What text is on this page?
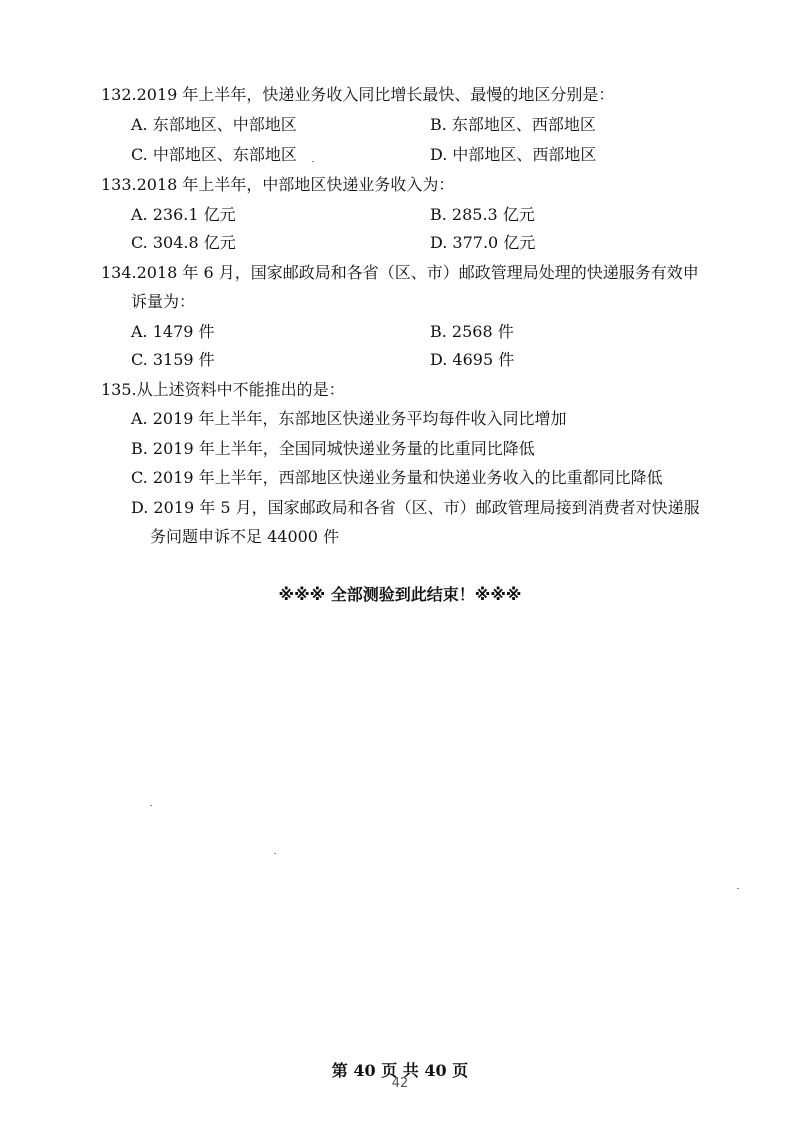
132.2019 年上半年，快递业务收入同比增长最快、最慢的地区分别是：
A. 东部地区、中部地区	B. 东部地区、西部地区
C. 中部地区、东部地区	D. 中部地区、西部地区
133.2018 年上半年，中部地区快递业务收入为：
A. 236.1 亿元	B. 285.3 亿元
C. 304.8 亿元	D. 377.0 亿元
134.2018 年 6 月，国家邮政局和各省（区、市）邮政管理局处理的快递服务有效申
诉量为：
A. 1479 件	B. 2568 件
C. 3159 件	D. 4695 件
135.从上述资料中不能推出的是：
A. 2019 年上半年，东部地区快递业务平均每件收入同比增加
B. 2019 年上半年，全国同城快递业务量的比重同比降低
C. 2019 年上半年，西部地区快递业务量和快递业务收入的比重都同比降低
D. 2019 年 5 月，国家邮政局和各省（区、市）邮政管理局接到消费者对快递服
务问题申诉不足 44000 件
※※※ 全部测验到此结束！※※※
第 40 页 共 40 页
42
